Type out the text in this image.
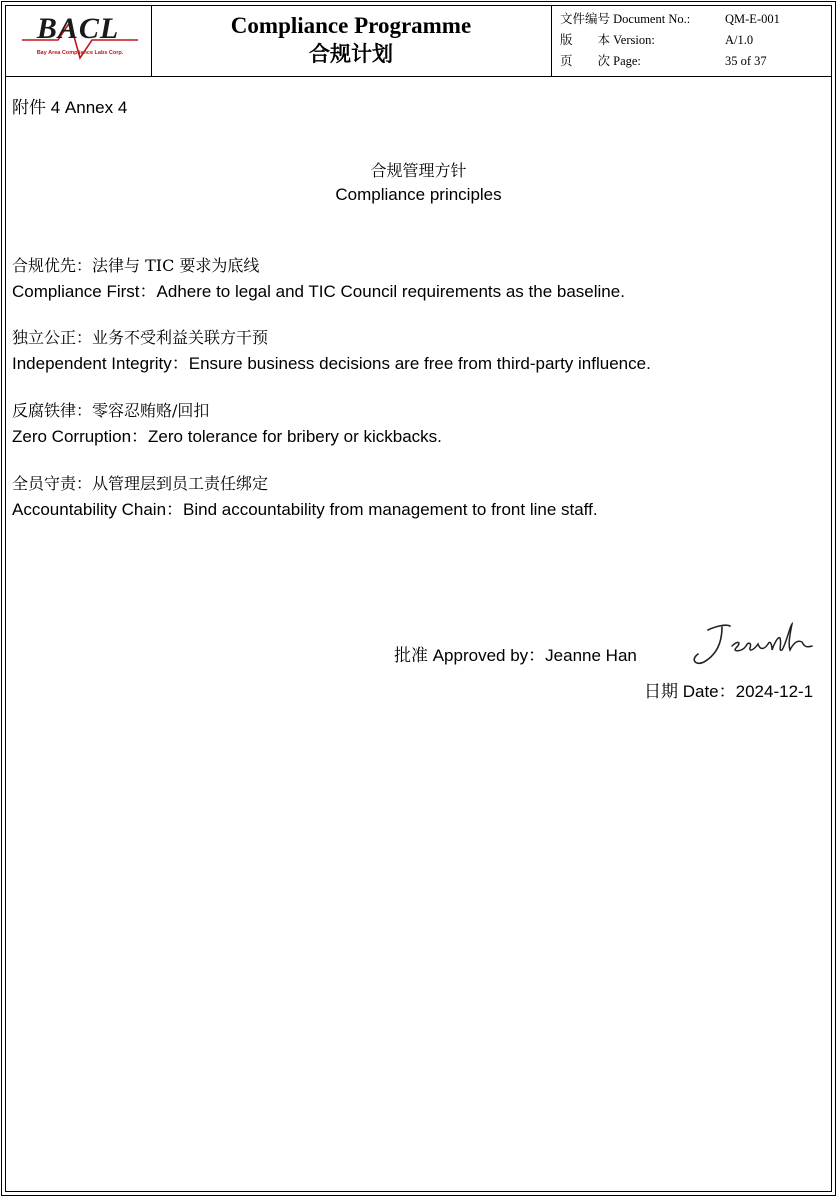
BACL
Bay Area Compliance Labs Corp.
Compliance Programme
合规计划
文件编号 Document No.:	QM-E-001
版　　本 Version:	A/1.0
页　　次 Page:	35 of 37
附件 4 Annex 4
合规管理方针
Compliance principles
合规优先：法律与 TIC 要求为底线
Compliance First：Adhere to legal and TIC Council requirements as the baseline.
独立公正：业务不受利益关联方干预
Independent Integrity：Ensure business decisions are free from third-party influence.
反腐铁律：零容忍贿赂/回扣
Zero Corruption：Zero tolerance for bribery or kickbacks.
全员守责：从管理层到员工责任绑定
Accountability Chain：Bind accountability from management to front line staff.
批准 Approved by：Jeanne Han
日期 Date：2024-12-1
